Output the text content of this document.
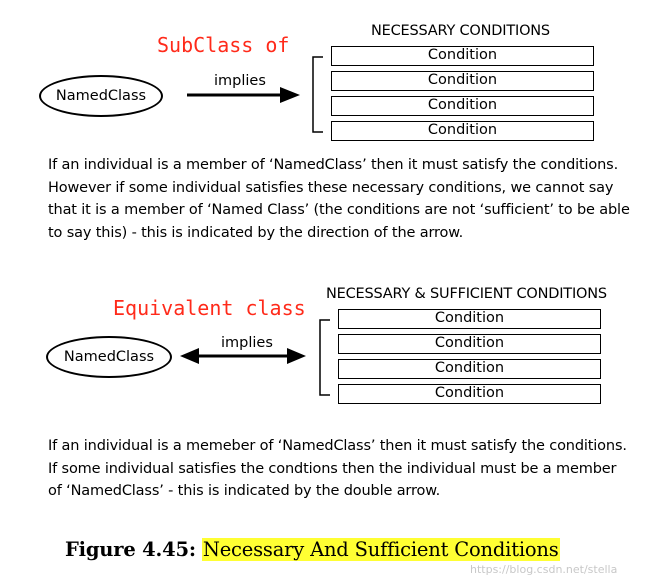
SubClass of
NECESSARY CONDITIONS
NamedClass
implies
Condition
Condition
Condition
Condition
If an individual is a member of ‘NamedClass’ then it must satisfy the conditions.
However if some individual satisfies these necessary conditions, we cannot say
that it is a member of ‘Named Class’ (the conditions are not ‘sufficient’ to be able
to say this) - this is indicated by the direction of the arrow.
Equivalent class
NECESSARY & SUFFICIENT CONDITIONS
NamedClass
implies
Condition
Condition
Condition
Condition
If an individual is a memeber of ‘NamedClass’ then it must satisfy the conditions.
If some individual satisfies the condtions then the individual must be a member
of ‘NamedClass’ - this is indicated by the double arrow.
Figure 4.45: Necessary And Sufficient Conditions
https://blog.csdn.net/stella
